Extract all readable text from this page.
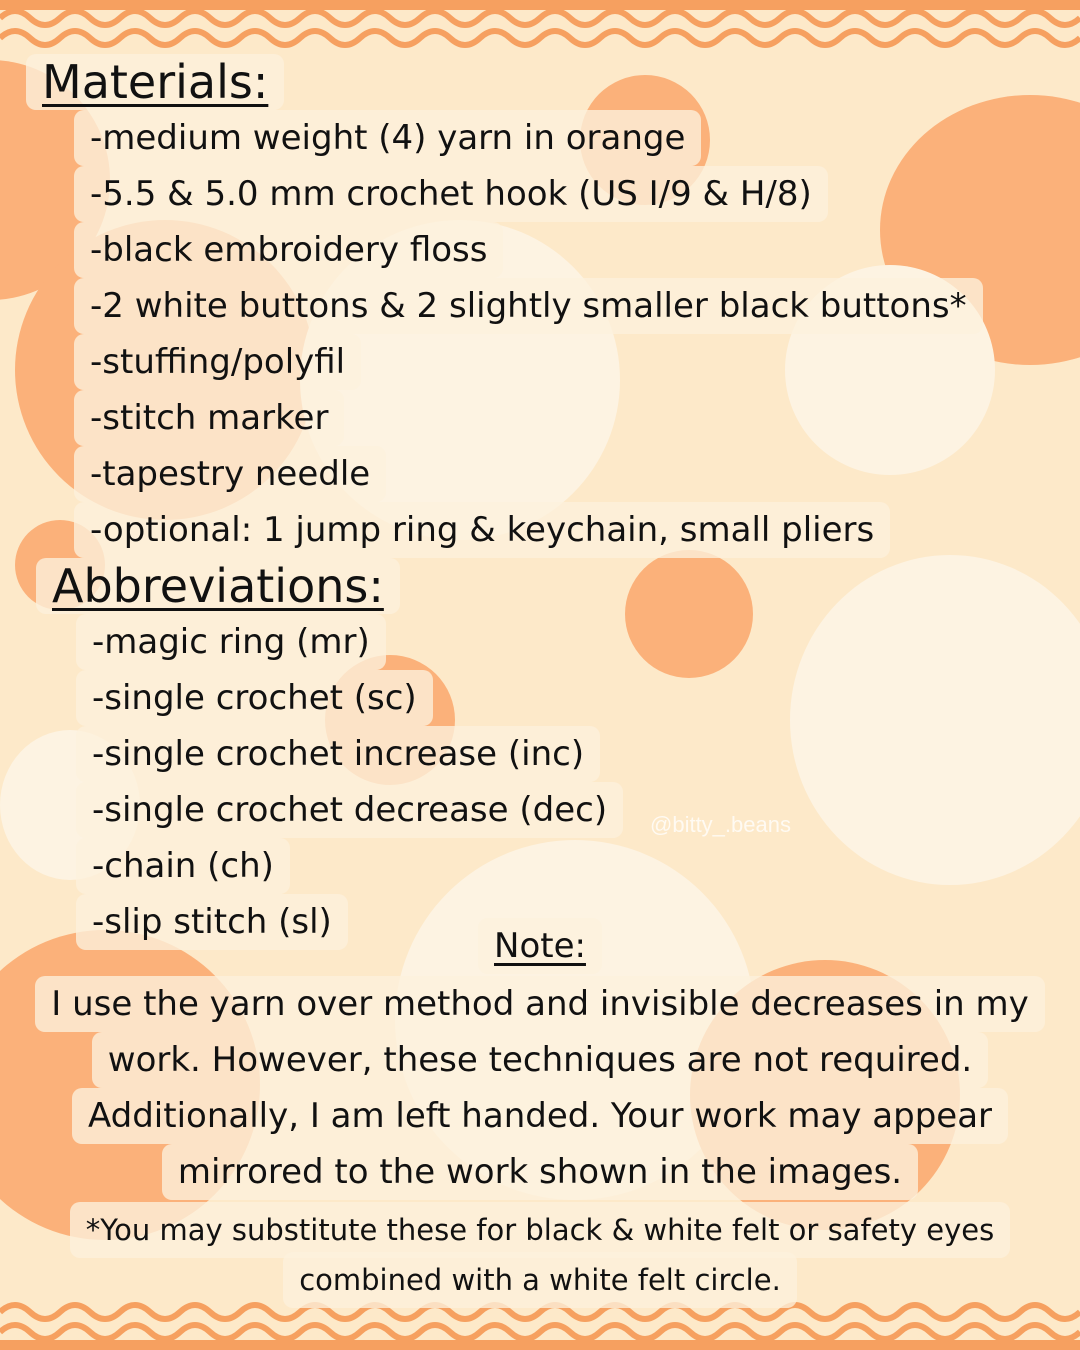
Materials:
-medium weight (4) yarn in orange
-5.5 & 5.0 mm crochet hook (US I/9 & H/8)
-black embroidery floss
-2 white buttons & 2 slightly smaller black buttons*
-stuffing/polyfil
-stitch marker
-tapestry needle
-optional: 1 jump ring & keychain, small pliers
Abbreviations:
-magic ring (mr)
-single crochet (sc)
-single crochet increase (inc)
-single crochet decrease (dec)
-chain (ch)
-slip stitch (sl)
@bitty_.beans
Note:
I use the yarn over method and invisible decreases in my
work. However, these techniques are not required.
Additionally, I am left handed. Your work may appear
mirrored to the work shown in the images.
*You may substitute these for black & white felt or safety eyes
combined with a white felt circle.
